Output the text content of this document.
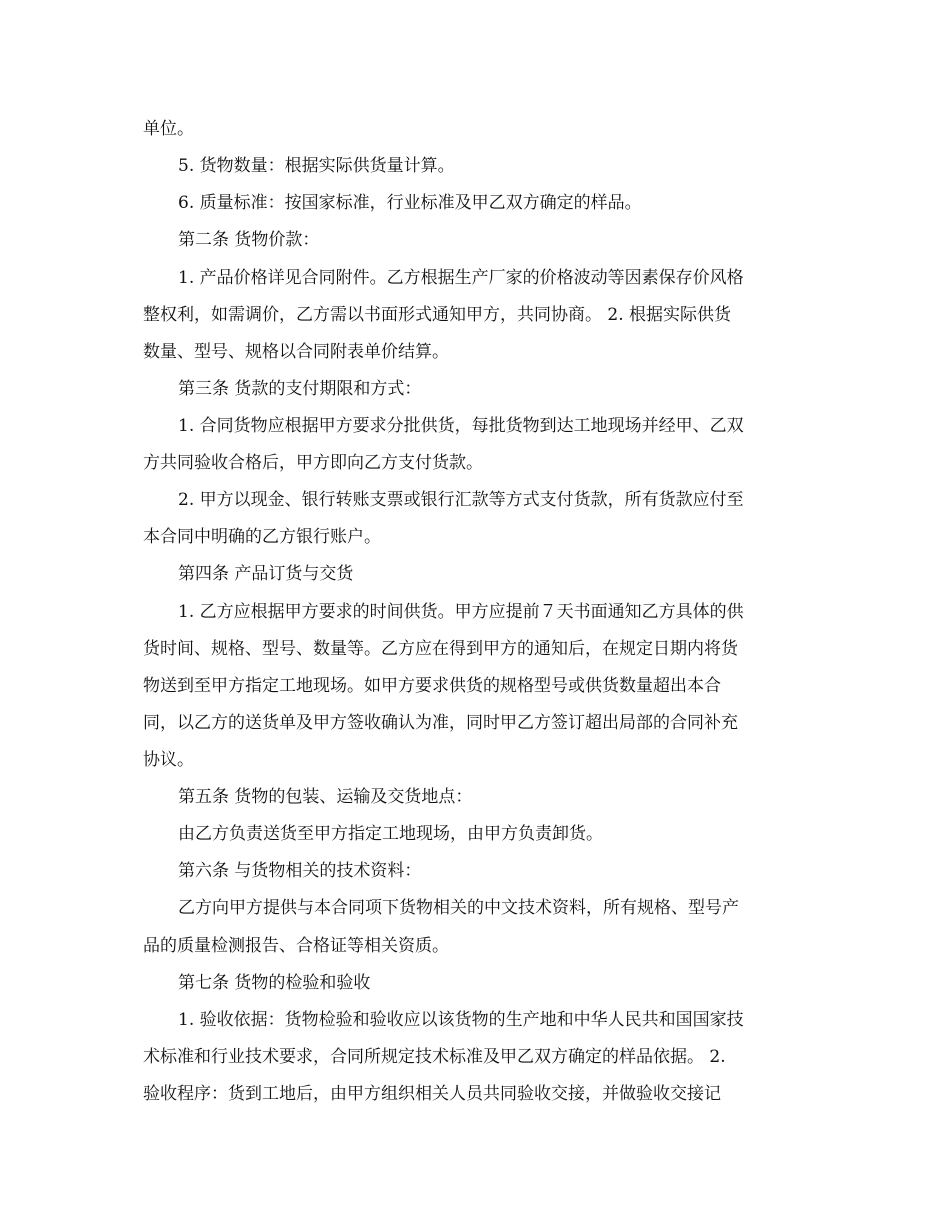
单位。
5. 货物数量：根据实际供货量计算。
6. 质量标准：按国家标准，行业标准及甲乙双方确定的样品。
第二条 货物价款：
1. 产品价格详见合同附件。乙方根据生产厂家的价格波动等因素保存价风格
整权利，如需调价，乙方需以书面形式通知甲方，共同协商。 2. 根据实际供货
数量、型号、规格以合同附表单价结算。
第三条 货款的支付期限和方式：
1. 合同货物应根据甲方要求分批供货，每批货物到达工地现场并经甲、乙双
方共同验收合格后，甲方即向乙方支付货款。
2. 甲方以现金、银行转账支票或银行汇款等方式支付货款，所有货款应付至
本合同中明确的乙方银行账户。
第四条 产品订货与交货
1. 乙方应根据甲方要求的时间供货。甲方应提前７天书面通知乙方具体的供
货时间、规格、型号、数量等。乙方应在得到甲方的通知后，在规定日期内将货
物送到至甲方指定工地现场。如甲方要求供货的规格型号或供货数量超出本合
同，以乙方的送货单及甲方签收确认为准，同时甲乙方签订超出局部的合同补充
协议。
第五条 货物的包装、运输及交货地点：
由乙方负责送货至甲方指定工地现场，由甲方负责卸货。
第六条 与货物相关的技术资料：
乙方向甲方提供与本合同项下货物相关的中文技术资料，所有规格、型号产
品的质量检测报告、合格证等相关资质。
第七条 货物的检验和验收
1. 验收依据：货物检验和验收应以该货物的生产地和中华人民共和国国家技
术标准和行业技术要求，合同所规定技术标准及甲乙双方确定的样品依据。 2.
验收程序：货到工地后，由甲方组织相关人员共同验收交接，并做验收交接记
